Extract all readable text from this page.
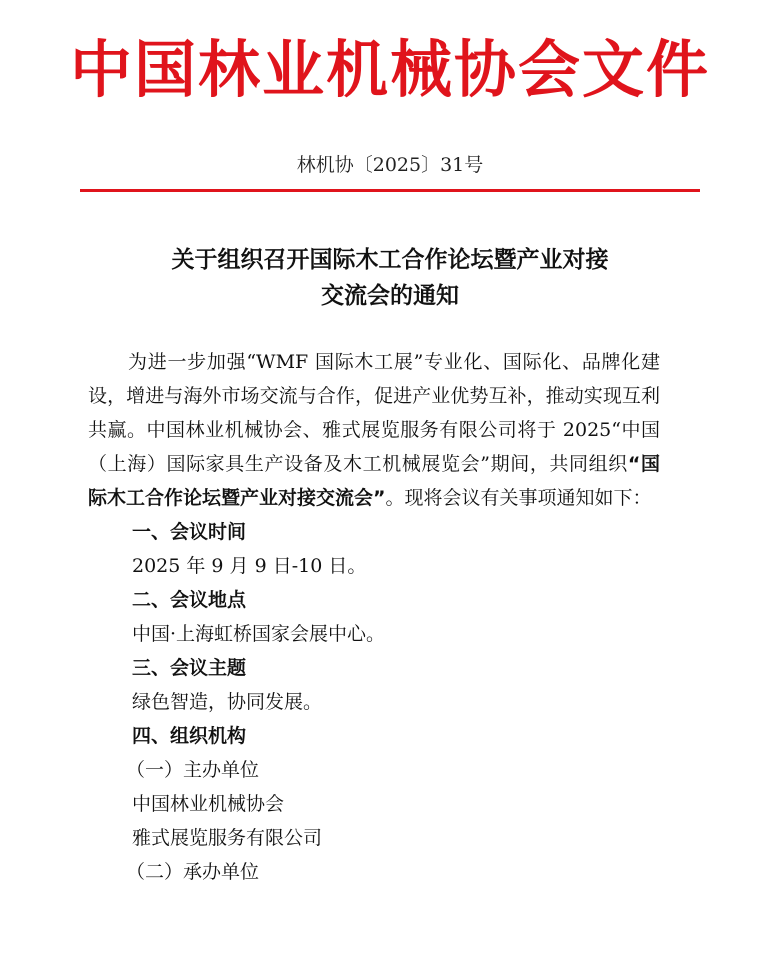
中国林业机械协会文件
林机协〔2025〕31号
关于组织召开国际木工合作论坛暨产业对接
交流会的通知

为进一步加强“WMF 国际木工展”专业化、国际化、品牌化建设，增进与海外市场交流与合作，促进产业优势互补，推动实现互利共赢。中国林业机械协会、雅式展览服务有限公司将于 2025“中国（上海）国际家具生产设备及木工机械展览会”期间，共同组织“国际木工合作论坛暨产业对接交流会”。现将会议有关事项通知如下：

一、会议时间

2025 年 9 月 9 日-10 日。

二、会议地点

中国·上海虹桥国家会展中心。

三、会议主题

绿色智造，协同发展。

四、组织机构

（一）主办单位

中国林业机械协会

雅式展览服务有限公司

（二）承办单位
